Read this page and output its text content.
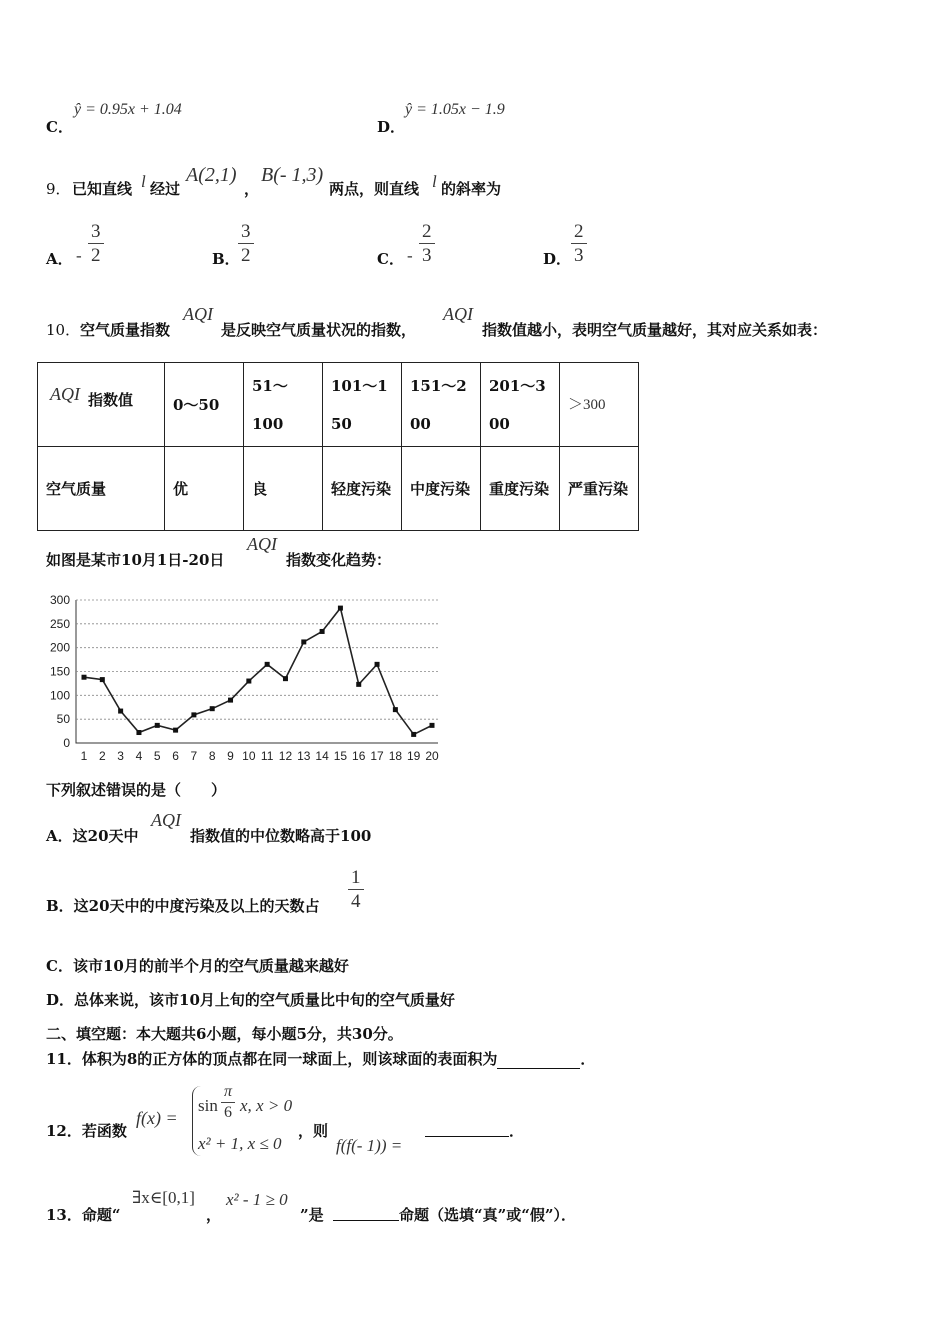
C．
ŷ = 0.95x + 1.04
D．
ŷ = 1.05x − 1.9
9． 已知直线 l 经过
A(2,1)
，
B(- 1,3)
两点，则直线 l 的斜率为
A． - $\frac{3}{2}$	B．
$\frac{3}{2}$	C． - $\frac{2}{3}$	D． $\frac{2}{3}$
10． 空气质量指数
AQI
是反映空气质量状况的指数，
AQI
指数值越小，表明空气质量越好，其对应关系如表：
AQI 指数值	0～50	51～100	101～150	151～200	201～300	＞300
空气质量	优	良	轻度污染	中度污染	重度污染	严重污染
如图是某市10月1日-20日
AQI
指数变化趋势：
0
50
100
150
200
250
300
1 2 3 4 5 6 7 8 9 10 11 12 13 14 15 16 17 18 19 20
下列叙述错误的是（　　）
A．这20天中
AQI
指数值的中位数略高于100
B．这20天中的中度污染及以上的天数占 $\frac{1}{4}$
C．该市10月的前半个月的空气质量越来越好
D．总体来说，该市10月上旬的空气质量比中旬的空气质量好
二、填空题：本大题共6小题，每小题5分，共30分。
11．体积为8的正方体的顶点都在同一球面上，则该球面的表面积为	．
12．若函数
f(x) =
$\sin \frac{\pi}{6} x$, x > 0
x² + 1, x ≤ 0
，则
f(f(- 1)) =
．
13．命题“
∃x∈[0,1]
，
x² - 1 ≥ 0
”是	命题（选填“真”或“假”）．
